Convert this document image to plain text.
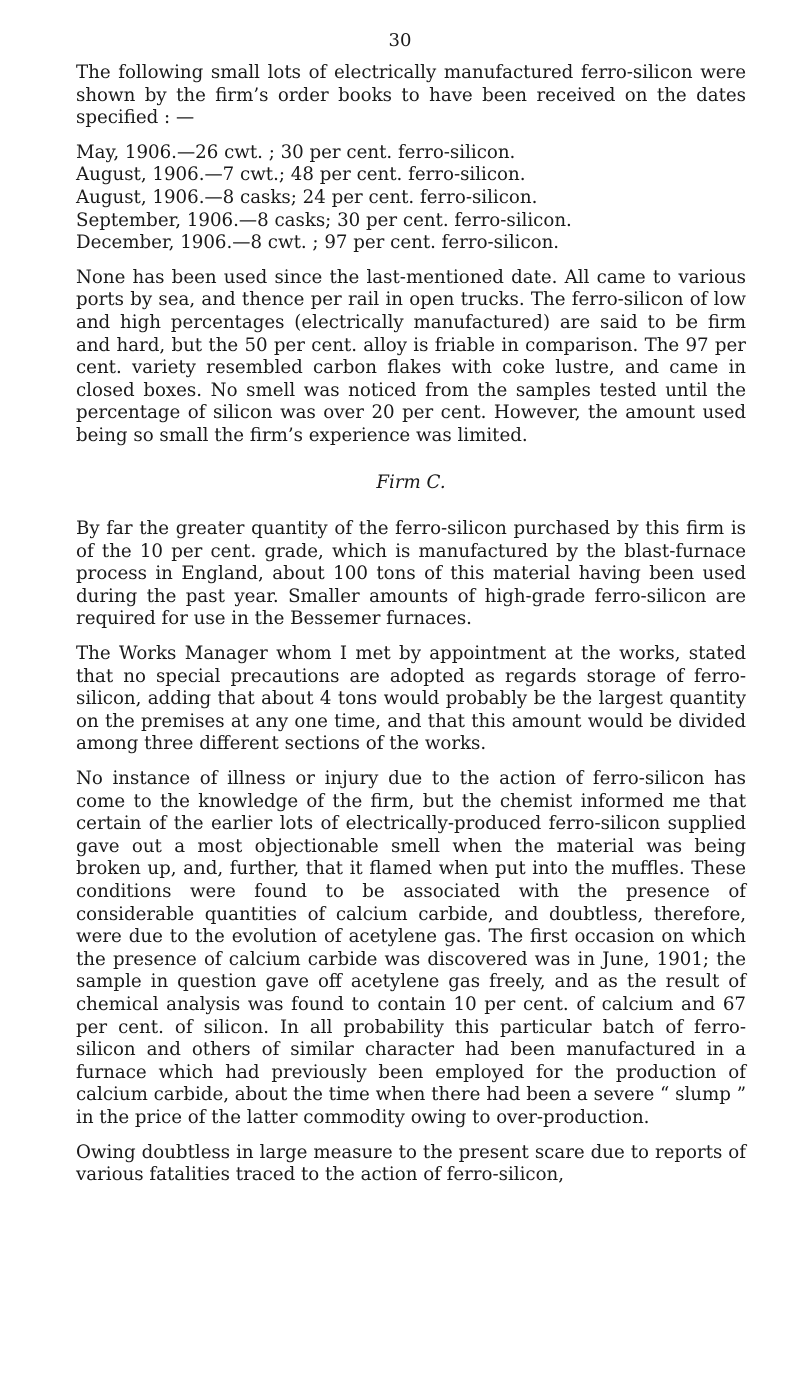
30

The following small lots of electrically manufactured ferro-silicon were shown by the firm’s order books to have been received on the dates specified : —

May, 1906.—26 cwt. ; 30 per cent. ferro-silicon.
August, 1906.—7 cwt.; 48 per cent. ferro-silicon.
August, 1906.—8 casks; 24 per cent. ferro-silicon.
September, 1906.—8 casks; 30 per cent. ferro-silicon.
December, 1906.—8 cwt. ; 97 per cent. ferro-silicon.

None has been used since the last-mentioned date. All came to various ports by sea, and thence per rail in open trucks. The ferro-silicon of low and high percentages (electrically manufactured) are said to be firm and hard, but the 50 per cent. alloy is friable in comparison. The 97 per cent. variety resembled carbon flakes with coke lustre, and came in closed boxes. No smell was noticed from the samples tested until the percentage of silicon was over 20 per cent. However, the amount used being so small the firm’s experience was limited.

Firm C.

By far the greater quantity of the ferro-silicon purchased by this firm is of the 10 per cent. grade, which is manufactured by the blast-furnace process in England, about 100 tons of this material having been used during the past year. Smaller amounts of high-grade ferro-silicon are required for use in the Bessemer furnaces.

The Works Manager whom I met by appointment at the works, stated that no special precautions are adopted as regards storage of ferro-silicon, adding that about 4 tons would probably be the largest quantity on the premises at any one time, and that this amount would be divided among three different sections of the works.

No instance of illness or injury due to the action of ferro-silicon has come to the knowledge of the firm, but the chemist informed me that certain of the earlier lots of electrically-produced ferro-silicon supplied gave out a most objectionable smell when the material was being broken up, and, further, that it flamed when put into the muffles. These conditions were found to be associated with the presence of considerable quantities of calcium carbide, and doubtless, therefore, were due to the evolution of acetylene gas. The first occasion on which the presence of calcium carbide was discovered was in June, 1901; the sample in question gave off acetylene gas freely, and as the result of chemical analysis was found to contain 10 per cent. of calcium and 67 per cent. of silicon. In all probability this particular batch of ferro-silicon and others of similar character had been manufactured in a furnace which had previously been employed for the production of calcium carbide, about the time when there had been a severe “ slump ” in the price of the latter commodity owing to over-production.

Owing doubtless in large measure to the present scare due to reports of various fatalities traced to the action of ferro-silicon,
